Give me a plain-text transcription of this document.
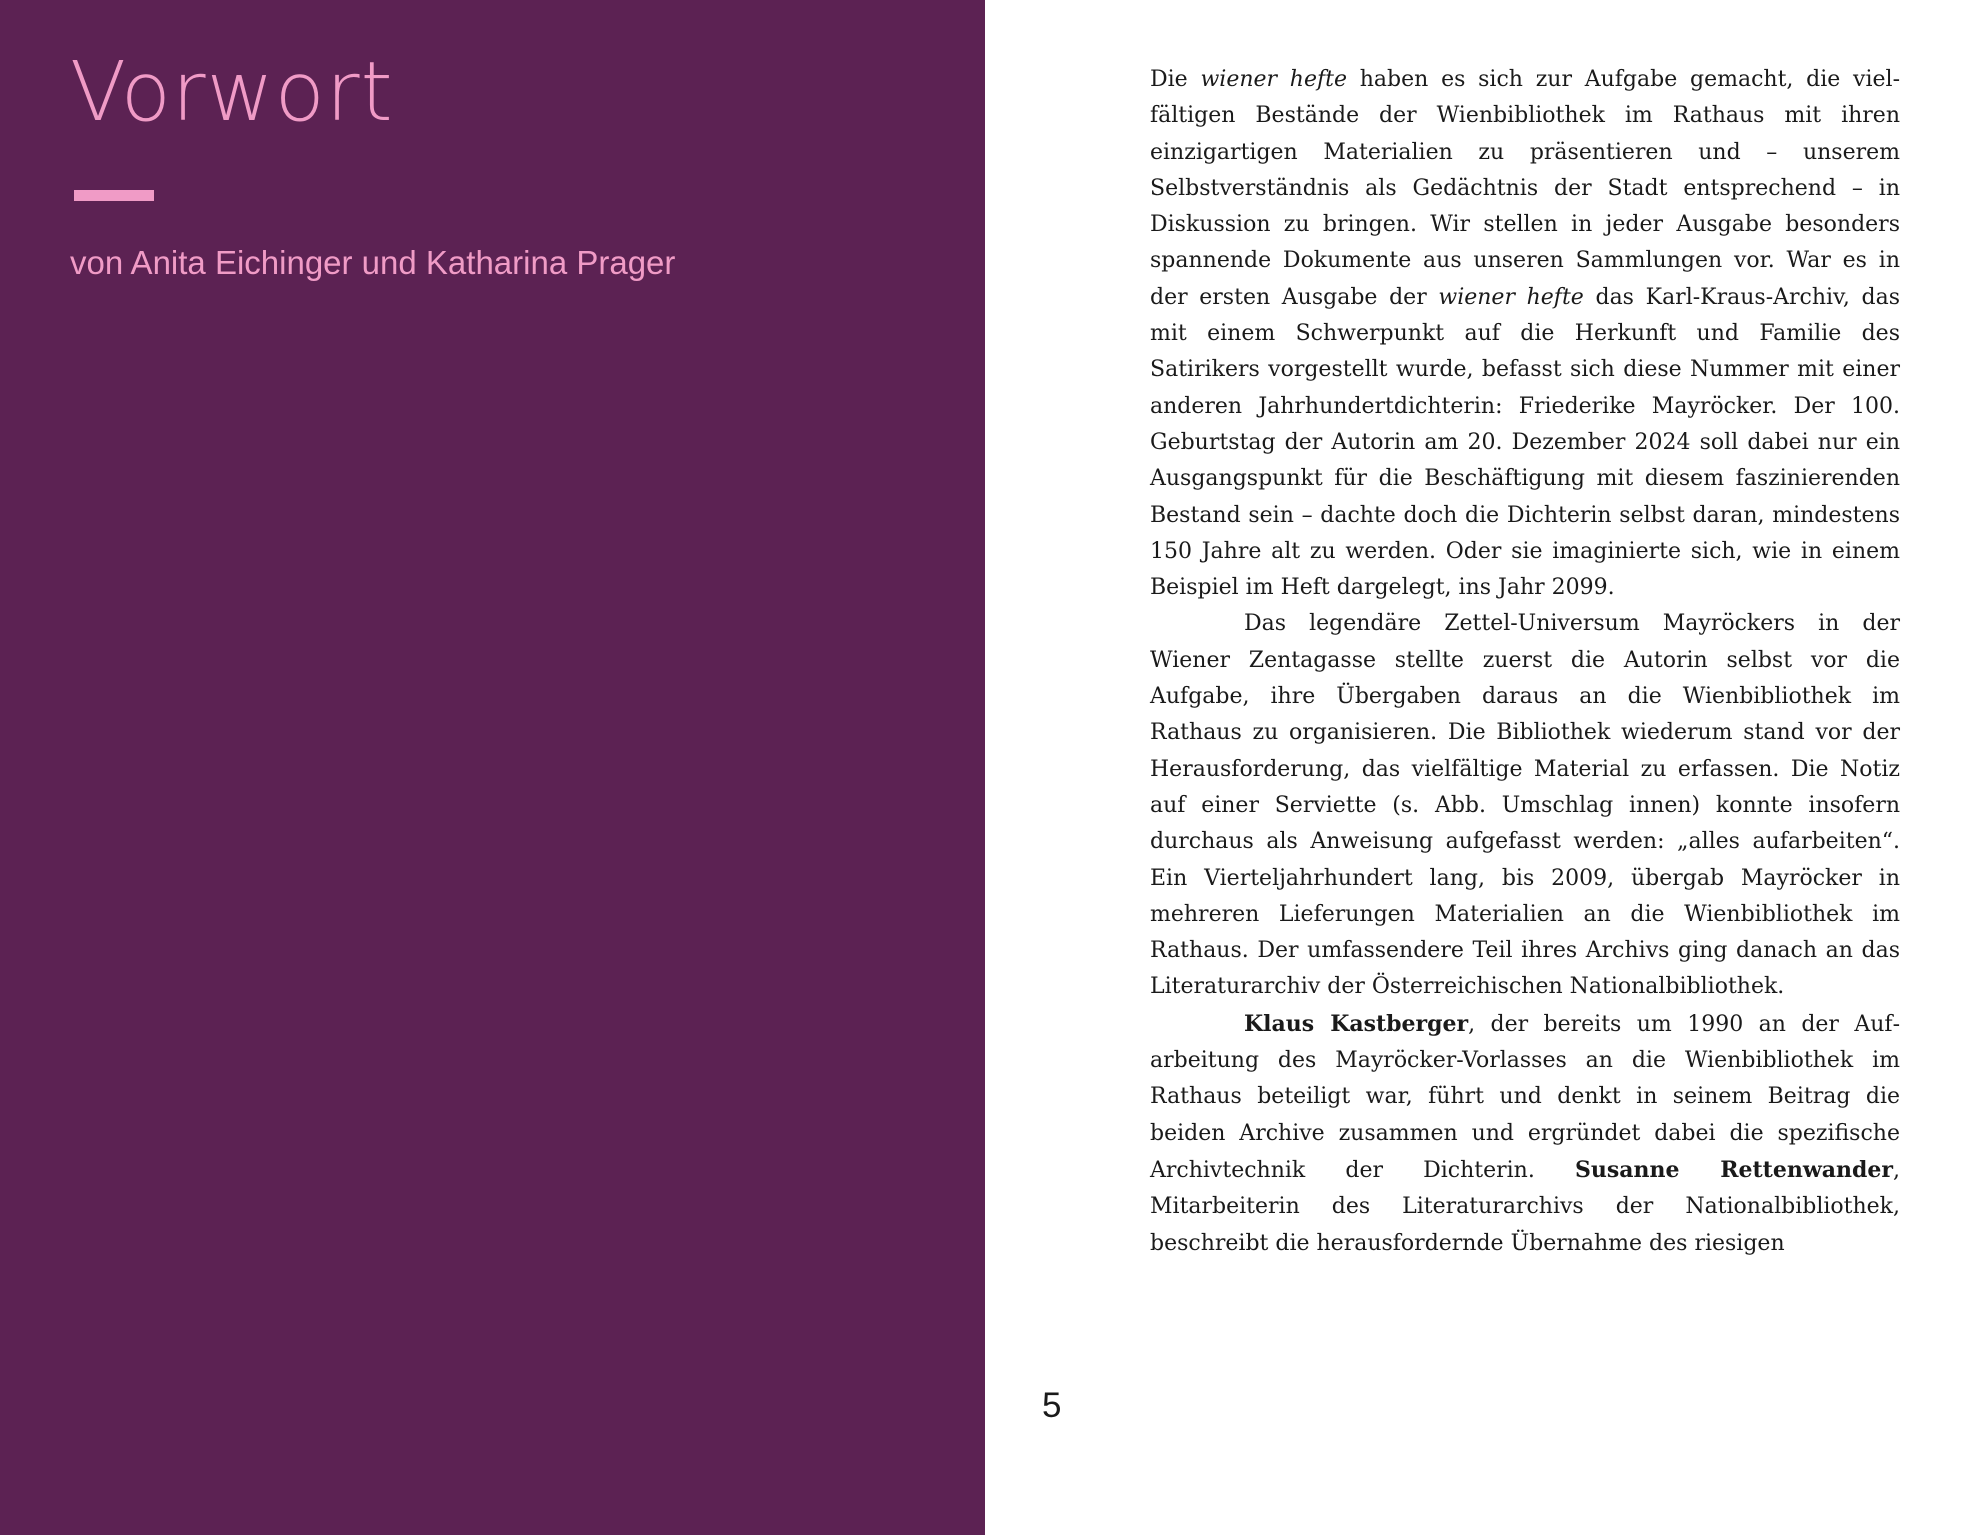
Vorwort

von Anita Eichinger und Katharina Prager

Die wiener hefte haben es sich zur Aufgabe gemacht, die vielfältigen Bestände der Wienbibliothek im Rathaus mit ihren einzigartigen Materialien zu präsentieren und – unserem Selbstverständnis als Gedächtnis der Stadt entsprechend – in Diskussion zu bringen. Wir stellen in jeder Ausgabe besonders spannende Dokumente aus unseren Sammlungen vor. War es in der ersten Ausgabe der wiener hefte das Karl-Kraus-Archiv, das mit einem Schwerpunkt auf die Herkunft und Familie des Satirikers vorgestellt wurde, befasst sich diese Nummer mit einer anderen Jahrhundertdichterin: Friederike Mayröcker. Der 100. Geburtstag der Autorin am 20. Dezember 2024 soll dabei nur ein Ausgangspunkt für die Beschäftigung mit diesem faszinierenden Bestand sein – dachte doch die Dichterin selbst daran, mindestens 150 Jahre alt zu werden. Oder sie imaginierte sich, wie in einem Beispiel im Heft dargelegt, ins Jahr 2099.

Das legendäre Zettel-Universum Mayröckers in der Wiener Zentagasse stellte zuerst die Autorin selbst vor die Aufgabe, ihre Übergaben daraus an die Wienbibliothek im Rathaus zu organisieren. Die Bibliothek wiederum stand vor der Herausforderung, das vielfältige Material zu erfassen. Die Notiz auf einer Serviette (s. Abb. Umschlag innen) konnte insofern durchaus als Anweisung aufgefasst werden: „alles aufarbeiten“. Ein Vierteljahrhundert lang, bis 2009, übergab Mayröcker in mehreren Lieferungen Materialien an die Wienbibliothek im Rathaus. Der umfassendere Teil ihres Archivs ging danach an das Literaturarchiv der Österreichischen Nationalbibliothek.

Klaus Kastberger, der bereits um 1990 an der Aufarbeitung des Mayröcker-Vorlasses an die Wienbibliothek im Rathaus beteiligt war, führt und denkt in seinem Beitrag die beiden Archive zusammen und ergründet dabei die spezifische Archivtechnik der Dichterin. Susanne Rettenwander, Mitarbeiterin des Literaturarchivs der Nationalbibliothek, beschreibt die herausfordernde Übernahme des riesigen

5
